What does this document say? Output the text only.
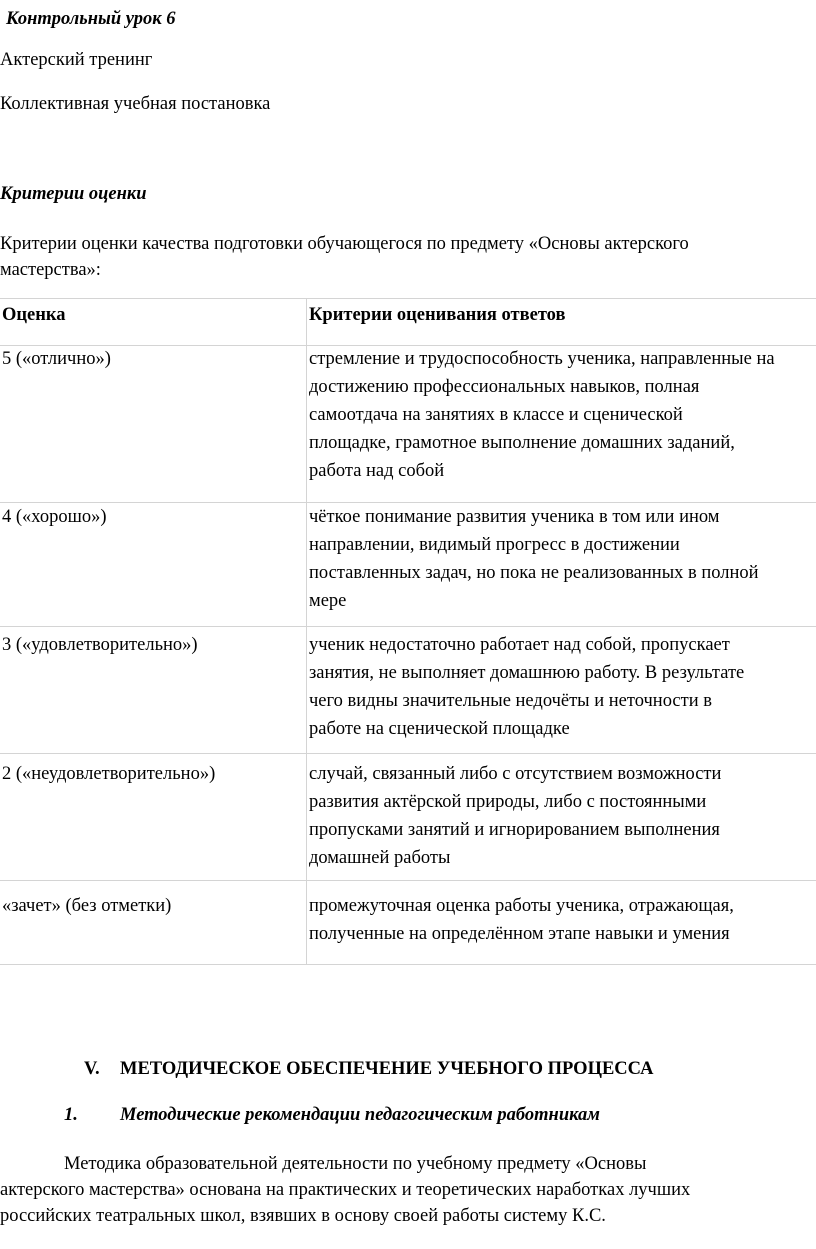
Контрольный урок 6
Актерский тренинг
Коллективная учебная постановка
Критерии оценки
Критерии оценки качества подготовки обучающегося по предмету «Основы актерского
мастерства»:
Оценка	Критерии оценивания ответов
5 («отлично»)	стремление и трудоспособность ученика, направленные на
достижению профессиональных навыков, полная
самоотдача на занятиях в классе и сценической
площадке, грамотное выполнение домашних заданий,
работа над собой
4 («хорошо»)	чёткое понимание развития ученика в том или ином
направлении, видимый прогресс в достижении
поставленных задач, но пока не реализованных в полной
мере
3 («удовлетворительно»)	ученик недостаточно работает над собой, пропускает
занятия, не выполняет домашнюю работу. В результате
чего видны значительные недочёты и неточности в
работе на сценической площадке
2 («неудовлетворительно»)	случай, связанный либо с отсутствием возможности
развития актёрской природы, либо с постоянными
пропусками занятий и игнорированием выполнения
домашней работы
«зачет» (без отметки)	промежуточная оценка работы ученика, отражающая,
полученные на определённом этапе навыки и умения
V. МЕТОДИЧЕСКОЕ ОБЕСПЕЧЕНИЕ УЧЕБНОГО ПРОЦЕССА
1. Методические рекомендации педагогическим работникам
Методика образовательной деятельности по учебному предмету «Основы
актерского мастерства» основана на практических и теоретических наработках лучших
российских театральных школ, взявших в основу своей работы систему К.С.
